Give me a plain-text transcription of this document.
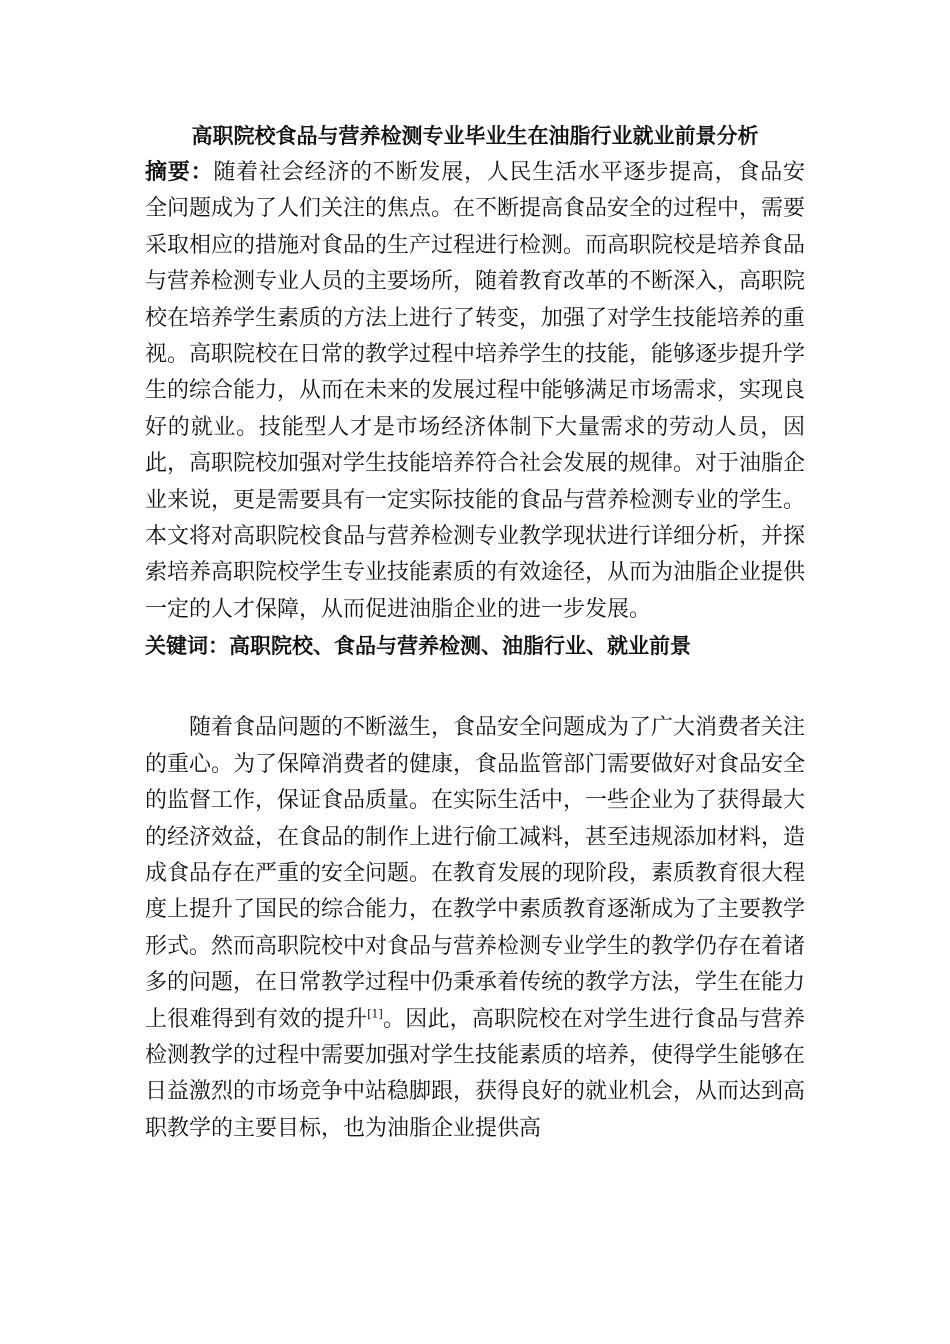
高职院校食品与营养检测专业毕业生在油脂行业就业前景分析

摘要：随着社会经济的不断发展，人民生活水平逐步提高，食品安全问题成为了人们关注的焦点。在不断提高食品安全的过程中，需要采取相应的措施对食品的生产过程进行检测。而高职院校是培养食品与营养检测专业人员的主要场所，随着教育改革的不断深入，高职院校在培养学生素质的方法上进行了转变，加强了对学生技能培养的重视。高职院校在日常的教学过程中培养学生的技能，能够逐步提升学生的综合能力，从而在未来的发展过程中能够满足市场需求，实现良好的就业。技能型人才是市场经济体制下大量需求的劳动人员，因此，高职院校加强对学生技能培养符合社会发展的规律。对于油脂企业来说，更是需要具有一定实际技能的食品与营养检测专业的学生。本文将对高职院校食品与营养检测专业教学现状进行详细分析，并探索培养高职院校学生专业技能素质的有效途径，从而为油脂企业提供一定的人才保障，从而促进油脂企业的进一步发展。

关键词：高职院校、食品与营养检测、油脂行业、就业前景

随着食品问题的不断滋生，食品安全问题成为了广大消费者关注的重心。为了保障消费者的健康，食品监管部门需要做好对食品安全的监督工作，保证食品质量。在实际生活中，一些企业为了获得最大的经济效益，在食品的制作上进行偷工减料，甚至违规添加材料，造成食品存在严重的安全问题。在教育发展的现阶段，素质教育很大程度上提升了国民的综合能力，在教学中素质教育逐渐成为了主要教学形式。然而高职院校中对食品与营养检测专业学生的教学仍存在着诸多的问题，在日常教学过程中仍秉承着传统的教学方法，学生在能力上很难得到有效的提升[1]。因此，高职院校在对学生进行食品与营养检测教学的过程中需要加强对学生技能素质的培养，使得学生能够在日益激烈的市场竞争中站稳脚跟，获得良好的就业机会，从而达到高职教学的主要目标，也为油脂企业提供高
